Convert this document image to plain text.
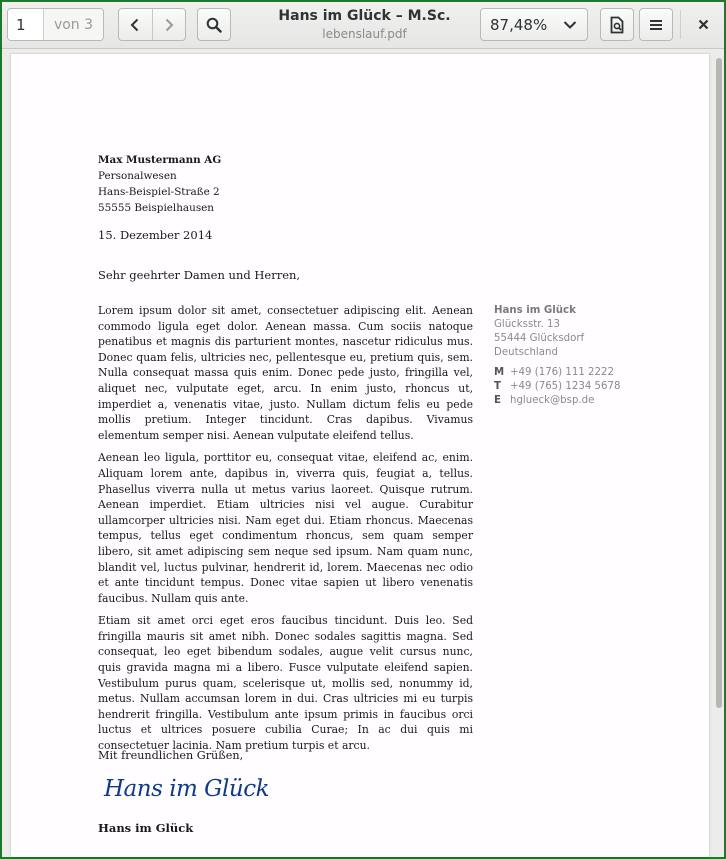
1
von 3
Hans im Glück – M.Sc.
lebenslauf.pdf
87,48%
Max Mustermann AG
Personalwesen
Hans-Beispiel-Straße 2
55555 Beispielhausen
15. Dezember 2014
Sehr geehrter Damen und Herren,

Lorem ipsum dolor sit amet, consectetuer adipiscing elit. Aenean commodo ligula eget dolor. Aenean massa. Cum sociis natoque penatibus et magnis dis parturient montes, nascetur ridiculus mus. Donec quam felis, ultricies nec, pellentesque eu, pretium quis, sem. Nulla consequat massa quis enim. Donec pede justo, fringilla vel, aliquet nec, vulputate eget, arcu. In enim justo, rhoncus ut, imperdiet a, venenatis vitae, justo. Nullam dictum felis eu pede mollis pretium. Integer tincidunt. Cras dapibus. Vivamus elementum semper nisi. Aenean vulputate eleifend tellus.

Aenean leo ligula, porttitor eu, consequat vitae, eleifend ac, enim. Aliquam lorem ante, dapibus in, viverra quis, feugiat a, tellus. Phasellus viverra nulla ut metus varius laoreet. Quisque rutrum. Aenean imperdiet. Etiam ultricies nisi vel augue. Curabitur ullamcorper ultricies nisi. Nam eget dui. Etiam rhoncus. Maecenas tempus, tellus eget condimentum rhoncus, sem quam semper libero, sit amet adipiscing sem neque sed ipsum. Nam quam nunc, blandit vel, luctus pulvinar, hendrerit id, lorem. Maecenas nec odio et ante tincidunt tempus. Donec vitae sapien ut libero venenatis faucibus. Nullam quis ante.

Etiam sit amet orci eget eros faucibus tincidunt. Duis leo. Sed fringilla mauris sit amet nibh. Donec sodales sagittis magna. Sed consequat, leo eget bibendum sodales, augue velit cursus nunc, quis gravida magna mi a libero. Fusce vulputate eleifend sapien. Vestibulum purus quam, scelerisque ut, mollis sed, nonummy id, metus. Nullam accumsan lorem in dui. Cras ultricies mi eu turpis hendrerit fringilla. Vestibulum ante ipsum primis in faucibus orci luctus et ultrices posuere cubilia Curae; In ac dui quis mi consectetuer lacinia. Nam pretium turpis et arcu.

Hans im Glück
Glücksstr. 13
55444 Glücksdorf
Deutschland
M +49 (176) 111 2222
T +49 (765) 1234 5678
E hglueck@bsp.de
Mit freundlichen Grüßen,
Hans im Glück
Hans im Glück
